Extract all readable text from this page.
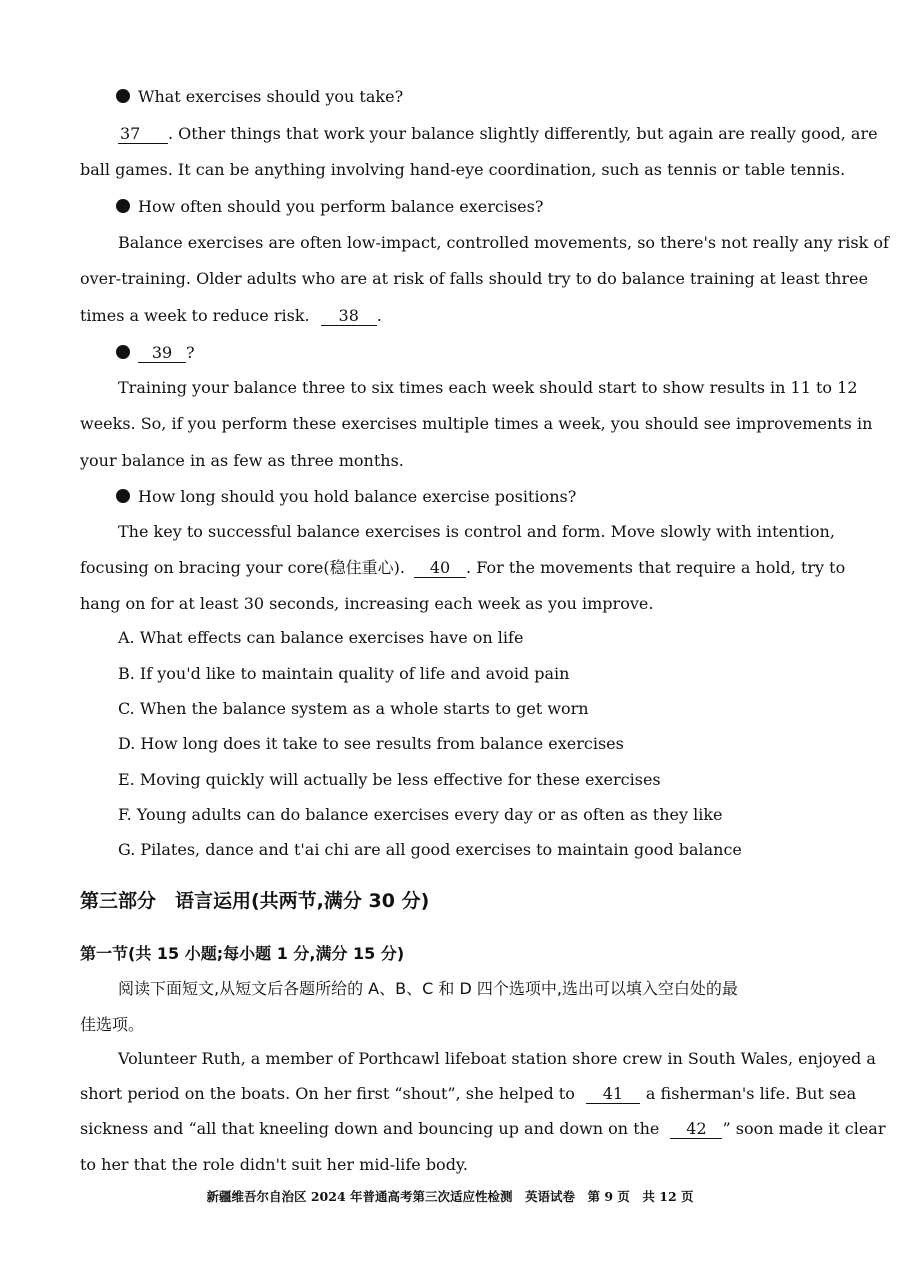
What exercises should you take?
37 . Other things that work your balance slightly differently, but again are really good, are
ball games. It can be anything involving hand-eye coordination, such as tennis or table tennis.
How often should you perform balance exercises?
Balance exercises are often low-impact, controlled movements, so there's not really any risk of
over-training. Older adults who are at risk of falls should try to do balance training at least three
times a week to reduce risk. 38 .
39 ?
Training your balance three to six times each week should start to show results in 11 to 12
weeks. So, if you perform these exercises multiple times a week, you should see improvements in
your balance in as few as three months.
How long should you hold balance exercise positions?
The key to successful balance exercises is control and form. Move slowly with intention,
focusing on bracing your core(稳住重心). 40 . For the movements that require a hold, try to
hang on for at least 30 seconds, increasing each week as you improve.
A. What effects can balance exercises have on life
B. If you'd like to maintain quality of life and avoid pain
C. When the balance system as a whole starts to get worn
D. How long does it take to see results from balance exercises
E. Moving quickly will actually be less effective for these exercises
F. Young adults can do balance exercises every day or as often as they like
G. Pilates, dance and t'ai chi are all good exercises to maintain good balance
第三部分　语言运用(共两节,满分 30 分)
第一节(共 15 小题;每小题 1 分,满分 15 分)
阅读下面短文,从短文后各题所给的 A、B、C 和 D 四个选项中,选出可以填入空白处的最
佳选项。
Volunteer Ruth, a member of Porthcawl lifeboat station shore crew in South Wales, enjoyed a
short period on the boats. On her first “shout”, she helped to 41 a fisherman's life. But sea
sickness and “all that kneeling down and bouncing up and down on the 42 ” soon made it clear
to her that the role didn't suit her mid-life body.
新疆维吾尔自治区 2024 年普通高考第三次适应性检测　英语试卷　第 9 页　共 12 页
